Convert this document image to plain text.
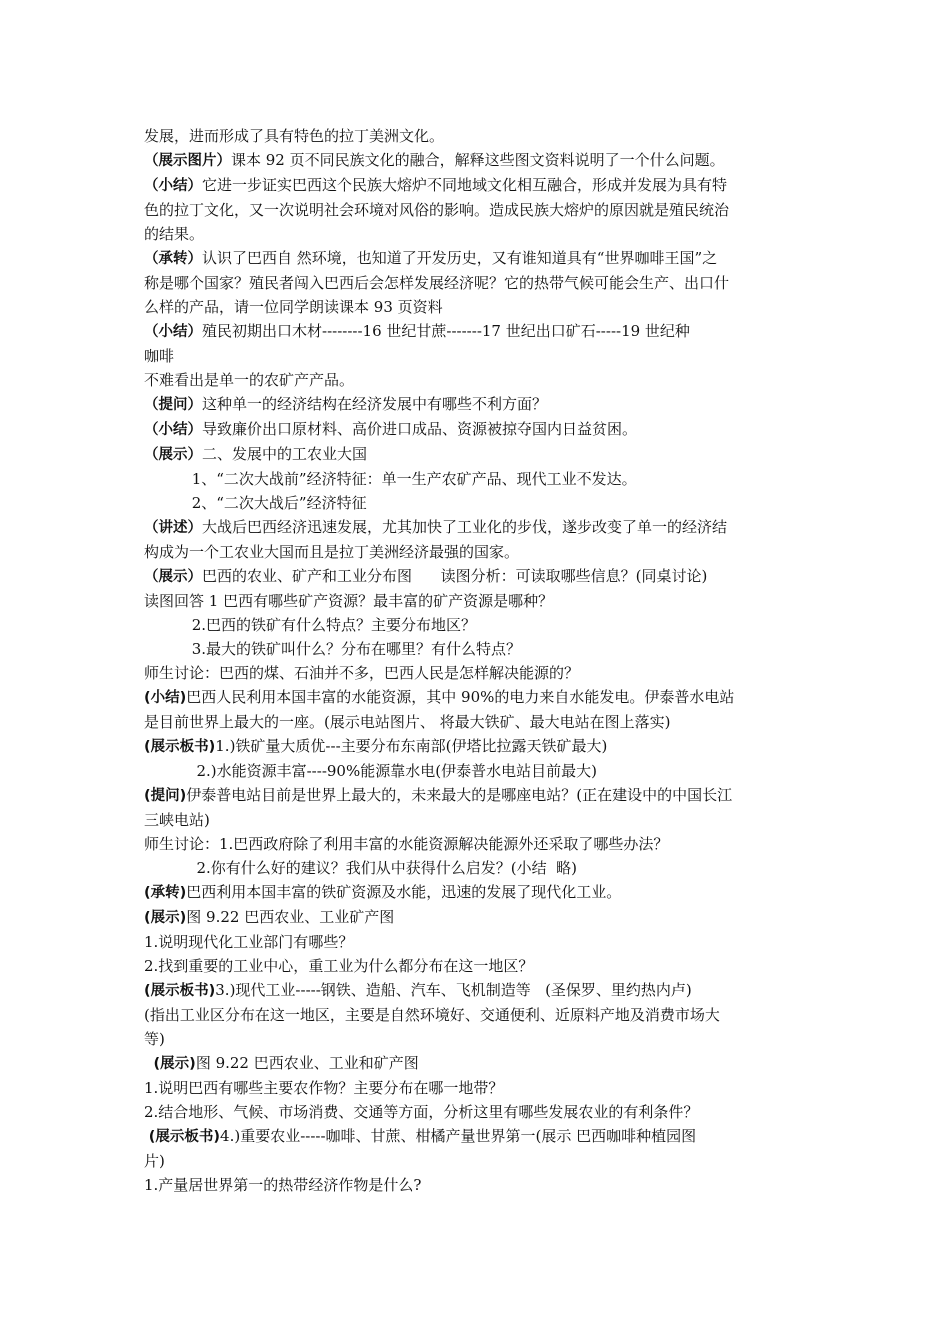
发展，进而形成了具有特色的拉丁美洲文化。
（展示图片）课本 92 页不同民族文化的融合，解释这些图文资料说明了一个什么问题。
（小结）它进一步证实巴西这个民族大熔炉不同地域文化相互融合，形成并发展为具有特
色的拉丁文化，又一次说明社会环境对风俗的影响。造成民族大熔炉的原因就是殖民统治
的结果。
（承转）认识了巴西自 然环境，也知道了开发历史，又有谁知道具有“世界咖啡王国”之
称是哪个国家？殖民者闯入巴西后会怎样发展经济呢？它的热带气候可能会生产、出口什
么样的产品，请一位同学朗读课本 93 页资料
（小结）殖民初期出口木材--------16 世纪甘蔗-------17 世纪出口矿石-----19 世纪种
咖啡
不难看出是单一的农矿产产品。
（提问）这种单一的经济结构在经济发展中有哪些不利方面？
（小结）导致廉价出口原材料、高价进口成品、资源被掠夺国内日益贫困。
（展示）二、发展中的工农业大国
1、“二次大战前”经济特征：单一生产农矿产品、现代工业不发达。
2、“二次大战后”经济特征
（讲述）大战后巴西经济迅速发展，尤其加快了工业化的步伐，遂步改变了单一的经济结
构成为一个工农业大国而且是拉丁美洲经济最强的国家。
（展示）巴西的农业、矿产和工业分布图      读图分析：可读取哪些信息？(同桌讨论)
读图回答 1 巴西有哪些矿产资源？最丰富的矿产资源是哪种？
2.巴西的铁矿有什么特点？主要分布地区？
3.最大的铁矿叫什么？分布在哪里？有什么特点？
师生讨论：巴西的煤、石油并不多，巴西人民是怎样解决能源的？
(小结)巴西人民利用本国丰富的水能资源，其中 90%的电力来自水能发电。伊泰普水电站
是目前世界上最大的一座。(展示电站图片、 将最大铁矿、最大电站在图上落实)
(展示板书)1.)铁矿量大质优---主要分布东南部(伊塔比拉露天铁矿最大)
2.)水能资源丰富----90%能源靠水电(伊泰普水电站目前最大)
(提问)伊泰普电站目前是世界上最大的，未来最大的是哪座电站？(正在建设中的中国长江
三峡电站)
师生讨论：1.巴西政府除了利用丰富的水能资源解决能源外还采取了哪些办法？
2.你有什么好的建议？我们从中获得什么启发？(小结  略)
(承转)巴西利用本国丰富的铁矿资源及水能，迅速的发展了现代化工业。
(展示)图 9.22 巴西农业、工业矿产图
1.说明现代化工业部门有哪些？
2.找到重要的工业中心，重工业为什么都分布在这一地区？
(展示板书)3.)现代工业-----钢铁、造船、汽车、飞机制造等   (圣保罗、里约热内卢)
(指出工业区分布在这一地区，主要是自然环境好、交通便利、近原料产地及消费市场大
等)
(展示)图 9.22 巴西农业、工业和矿产图
1.说明巴西有哪些主要农作物？主要分布在哪一地带？
2.结合地形、气候、市场消费、交通等方面，分析这里有哪些发展农业的有利条件？
(展示板书)4.)重要农业-----咖啡、甘蔗、柑橘产量世界第一(展示 巴西咖啡种植园图
片)
1.产量居世界第一的热带经济作物是什么?
